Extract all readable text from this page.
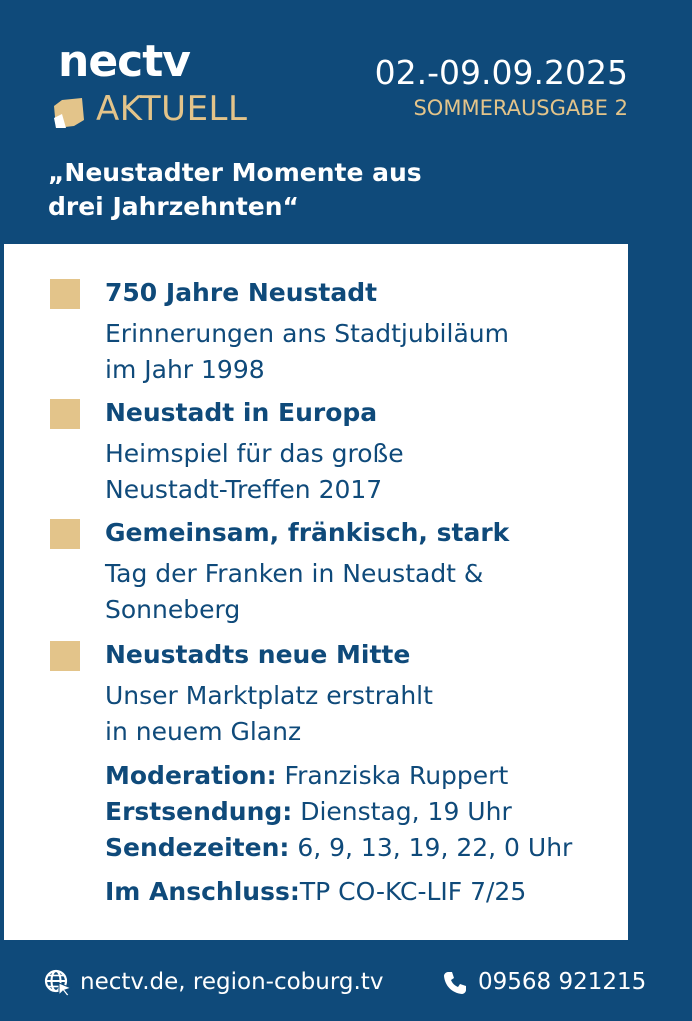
nectv
AKTUELL
02.-09.09.2025
SOMMERAUSGABE 2
„Neustadter Momente aus
drei Jahrzehnten“
750 Jahre Neustadt
Erinnerungen ans Stadtjubiläum
im Jahr 1998
Neustadt in Europa
Heimspiel für das große
Neustadt-Treffen 2017
Gemeinsam, fränkisch, stark
Tag der Franken in Neustadt &
Sonneberg
Neustadts neue Mitte
Unser Marktplatz erstrahlt
in neuem Glanz
Moderation: Franziska Ruppert
Erstsendung: Dienstag, 19 Uhr
Sendezeiten: 6, 9, 13, 19, 22, 0 Uhr
Im Anschluss:TP CO-KC-LIF 7/25
nectv.de, region-coburg.tv	09568 921215
